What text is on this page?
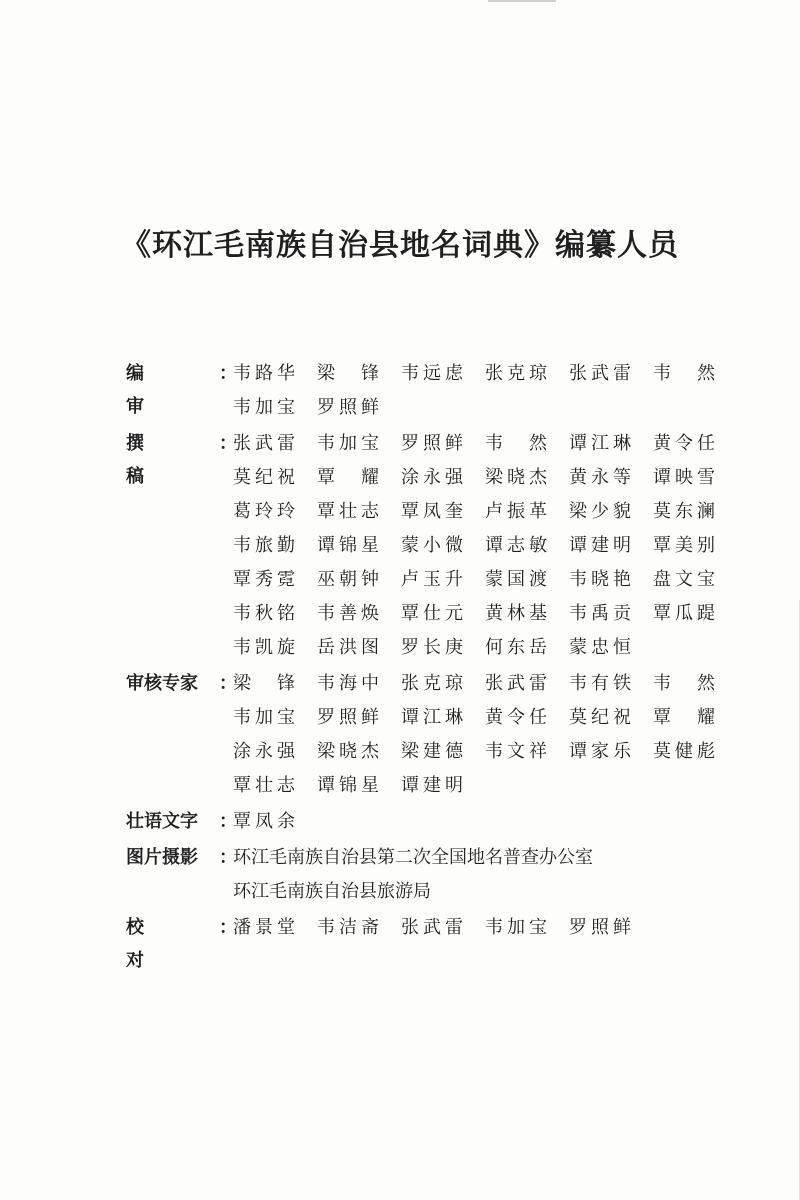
《环江毛南族自治县地名词典》编纂人员
编审
：
韦 路 华 梁 锋 韦 远 虑 张 克 琼 张 武 雷 韦 然
韦 加 宝 罗 照 鲜
撰稿
：
张 武 雷 韦 加 宝 罗 照 鲜 韦 然 谭 江 琳 黄 令 任
莫 纪 祝 覃 耀 涂 永 强 梁 晓 杰 黄 永 等 谭 映 雪
葛 玲 玲 覃 壮 志 覃 凤 奎 卢 振 革 梁 少 貌 莫 东 澜
韦 旅 勤 谭 锦 星 蒙 小 微 谭 志 敏 谭 建 明 覃 美 别
覃 秀 霓 巫 朝 钟 卢 玉 升 蒙 国 渡 韦 晓 艳 盘 文 宝
韦 秋 铭 韦 善 焕 覃 仕 元 黄 林 基 韦 禹 贡 覃 瓜 踶
韦 凯 旋 岳 洪 图 罗 长 庚 何 东 岳 蒙 忠 恒
审核专家 ：
梁 锋 韦 海 中 张 克 琼 张 武 雷 韦 有 铁 韦 然
韦 加 宝 罗 照 鲜 谭 江 琳 黄 令 任 莫 纪 祝 覃 耀
涂 永 强 梁 晓 杰 梁 建 德 韦 文 祥 谭 家 乐 莫 健 彪
覃 壮 志 谭 锦 星 谭 建 明
壮语文字 ：
覃 凤 余
图片摄影 ：
环江毛南族自治县第二次全国地名普查办公室
环江毛南族自治县旅游局
校对
：
潘 景 堂 韦 洁 斋 张 武 雷 韦 加 宝 罗 照 鲜
